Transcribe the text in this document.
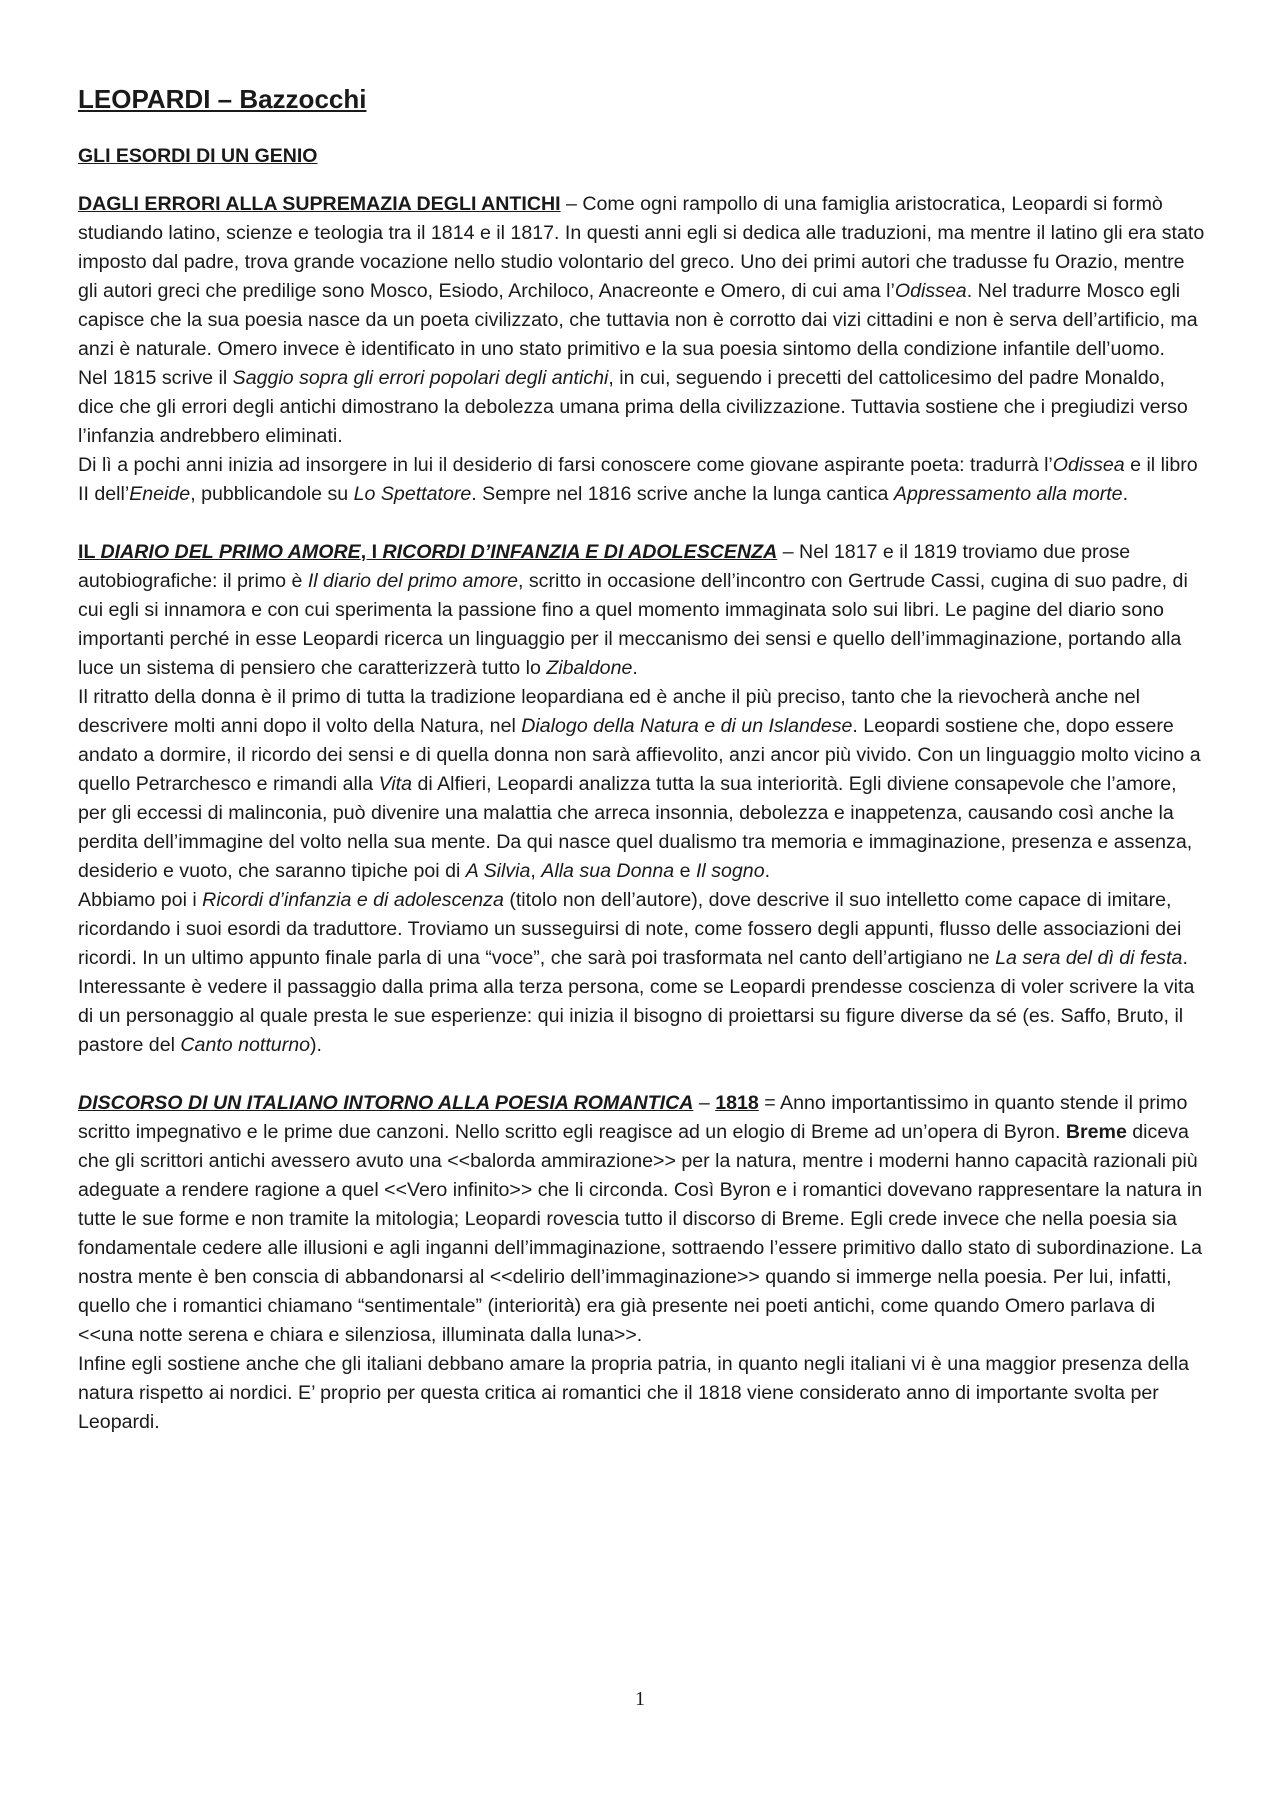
LEOPARDI – Bazzocchi
GLI ESORDI DI UN GENIO

DAGLI ERRORI ALLA SUPREMAZIA DEGLI ANTICHI – Come ogni rampollo di una famiglia aristocratica, Leopardi si formò studiando latino, scienze e teologia tra il 1814 e il 1817. In questi anni egli si dedica alle traduzioni, ma mentre il latino gli era stato imposto dal padre, trova grande vocazione nello studio volontario del greco. Uno dei primi autori che tradusse fu Orazio, mentre gli autori greci che predilige sono Mosco, Esiodo, Archiloco, Anacreonte e Omero, di cui ama l’Odissea. Nel tradurre Mosco egli capisce che la sua poesia nasce da un poeta civilizzato, che tuttavia non è corrotto dai vizi cittadini e non è serva dell’artificio, ma anzi è naturale. Omero invece è identificato in uno stato primitivo e la sua poesia sintomo della condizione infantile dell’uomo.

Nel 1815 scrive il Saggio sopra gli errori popolari degli antichi, in cui, seguendo i precetti del cattolicesimo del padre Monaldo, dice che gli errori degli antichi dimostrano la debolezza umana prima della civilizzazione. Tuttavia sostiene che i pregiudizi verso l’infanzia andrebbero eliminati.

Di lì a pochi anni inizia ad insorgere in lui il desiderio di farsi conoscere come giovane aspirante poeta: tradurrà l’Odissea e il libro II dell’Eneide, pubblicandole su Lo Spettatore. Sempre nel 1816 scrive anche la lunga cantica Appressamento alla morte.

IL DIARIO DEL PRIMO AMORE, I RICORDI D’INFANZIA E DI ADOLESCENZA – Nel 1817 e il 1819 troviamo due prose autobiografiche: il primo è Il diario del primo amore, scritto in occasione dell’incontro con Gertrude Cassi, cugina di suo padre, di cui egli si innamora e con cui sperimenta la passione fino a quel momento immaginata solo sui libri. Le pagine del diario sono importanti perché in esse Leopardi ricerca un linguaggio per il meccanismo dei sensi e quello dell’immaginazione, portando alla luce un sistema di pensiero che caratterizzerà tutto lo Zibaldone.

Il ritratto della donna è il primo di tutta la tradizione leopardiana ed è anche il più preciso, tanto che la rievocherà anche nel descrivere molti anni dopo il volto della Natura, nel Dialogo della Natura e di un Islandese. Leopardi sostiene che, dopo essere andato a dormire, il ricordo dei sensi e di quella donna non sarà affievolito, anzi ancor più vivido. Con un linguaggio molto vicino a quello Petrarchesco e rimandi alla Vita di Alfieri, Leopardi analizza tutta la sua interiorità. Egli diviene consapevole che l’amore, per gli eccessi di malinconia, può divenire una malattia che arreca insonnia, debolezza e inappetenza, causando così anche la perdita dell’immagine del volto nella sua mente. Da qui nasce quel dualismo tra memoria e immaginazione, presenza e assenza, desiderio e vuoto, che saranno tipiche poi di A Silvia, Alla sua Donna e Il sogno.

Abbiamo poi i Ricordi d’infanzia e di adolescenza (titolo non dell’autore), dove descrive il suo intelletto come capace di imitare, ricordando i suoi esordi da traduttore. Troviamo un susseguirsi di note, come fossero degli appunti, flusso delle associazioni dei ricordi. In un ultimo appunto finale parla di una “voce”, che sarà poi trasformata nel canto dell’artigiano ne La sera del dì di festa. Interessante è vedere il passaggio dalla prima alla terza persona, come se Leopardi prendesse coscienza di voler scrivere la vita di un personaggio al quale presta le sue esperienze: qui inizia il bisogno di proiettarsi su figure diverse da sé (es. Saffo, Bruto, il pastore del Canto notturno).

DISCORSO DI UN ITALIANO INTORNO ALLA POESIA ROMANTICA – 1818 = Anno importantissimo in quanto stende il primo scritto impegnativo e le prime due canzoni. Nello scritto egli reagisce ad un elogio di Breme ad un’opera di Byron. Breme diceva che gli scrittori antichi avessero avuto una <<balorda ammirazione>> per la natura, mentre i moderni hanno capacità razionali più adeguate a rendere ragione a quel <<Vero infinito>> che li circonda. Così Byron e i romantici dovevano rappresentare la natura in tutte le sue forme e non tramite la mitologia; Leopardi rovescia tutto il discorso di Breme. Egli crede invece che nella poesia sia fondamentale cedere alle illusioni e agli inganni dell’immaginazione, sottraendo l’essere primitivo dallo stato di subordinazione. La nostra mente è ben conscia di abbandonarsi al <<delirio dell’immaginazione>> quando si immerge nella poesia. Per lui, infatti, quello che i romantici chiamano “sentimentale” (interiorità) era già presente nei poeti antichi, come quando Omero parlava di <<una notte serena e chiara e silenziosa, illuminata dalla luna>>.

Infine egli sostiene anche che gli italiani debbano amare la propria patria, in quanto negli italiani vi è una maggior presenza della natura rispetto ai nordici. E’ proprio per questa critica ai romantici che il 1818 viene considerato anno di importante svolta per Leopardi.

1
